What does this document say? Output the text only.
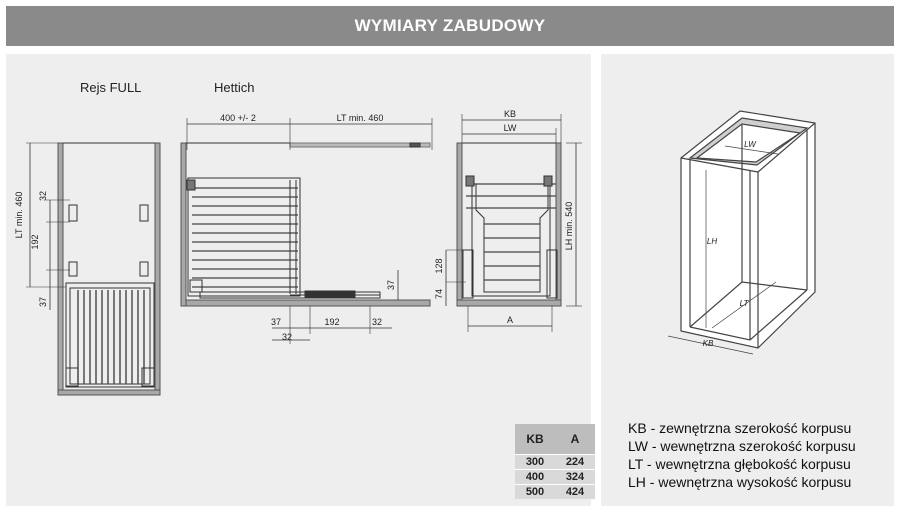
WYMIARY ZABUDOWY
Rejs FULL	Hettich
LT min. 460 32
192
37
400 +/- 2	LT min. 460
37	192	32
32
37
KB
LW
LH min. 540
128
74
A
LW
LH
LT
KB
KB	A
300	224
400	324
500	424
KB - zewnętrzna szerokość korpusu
LW - wewnętrzna szerokość korpusu
LT - wewnętrzna głębokość korpusu
LH - wewnętrzna wysokość korpusu
